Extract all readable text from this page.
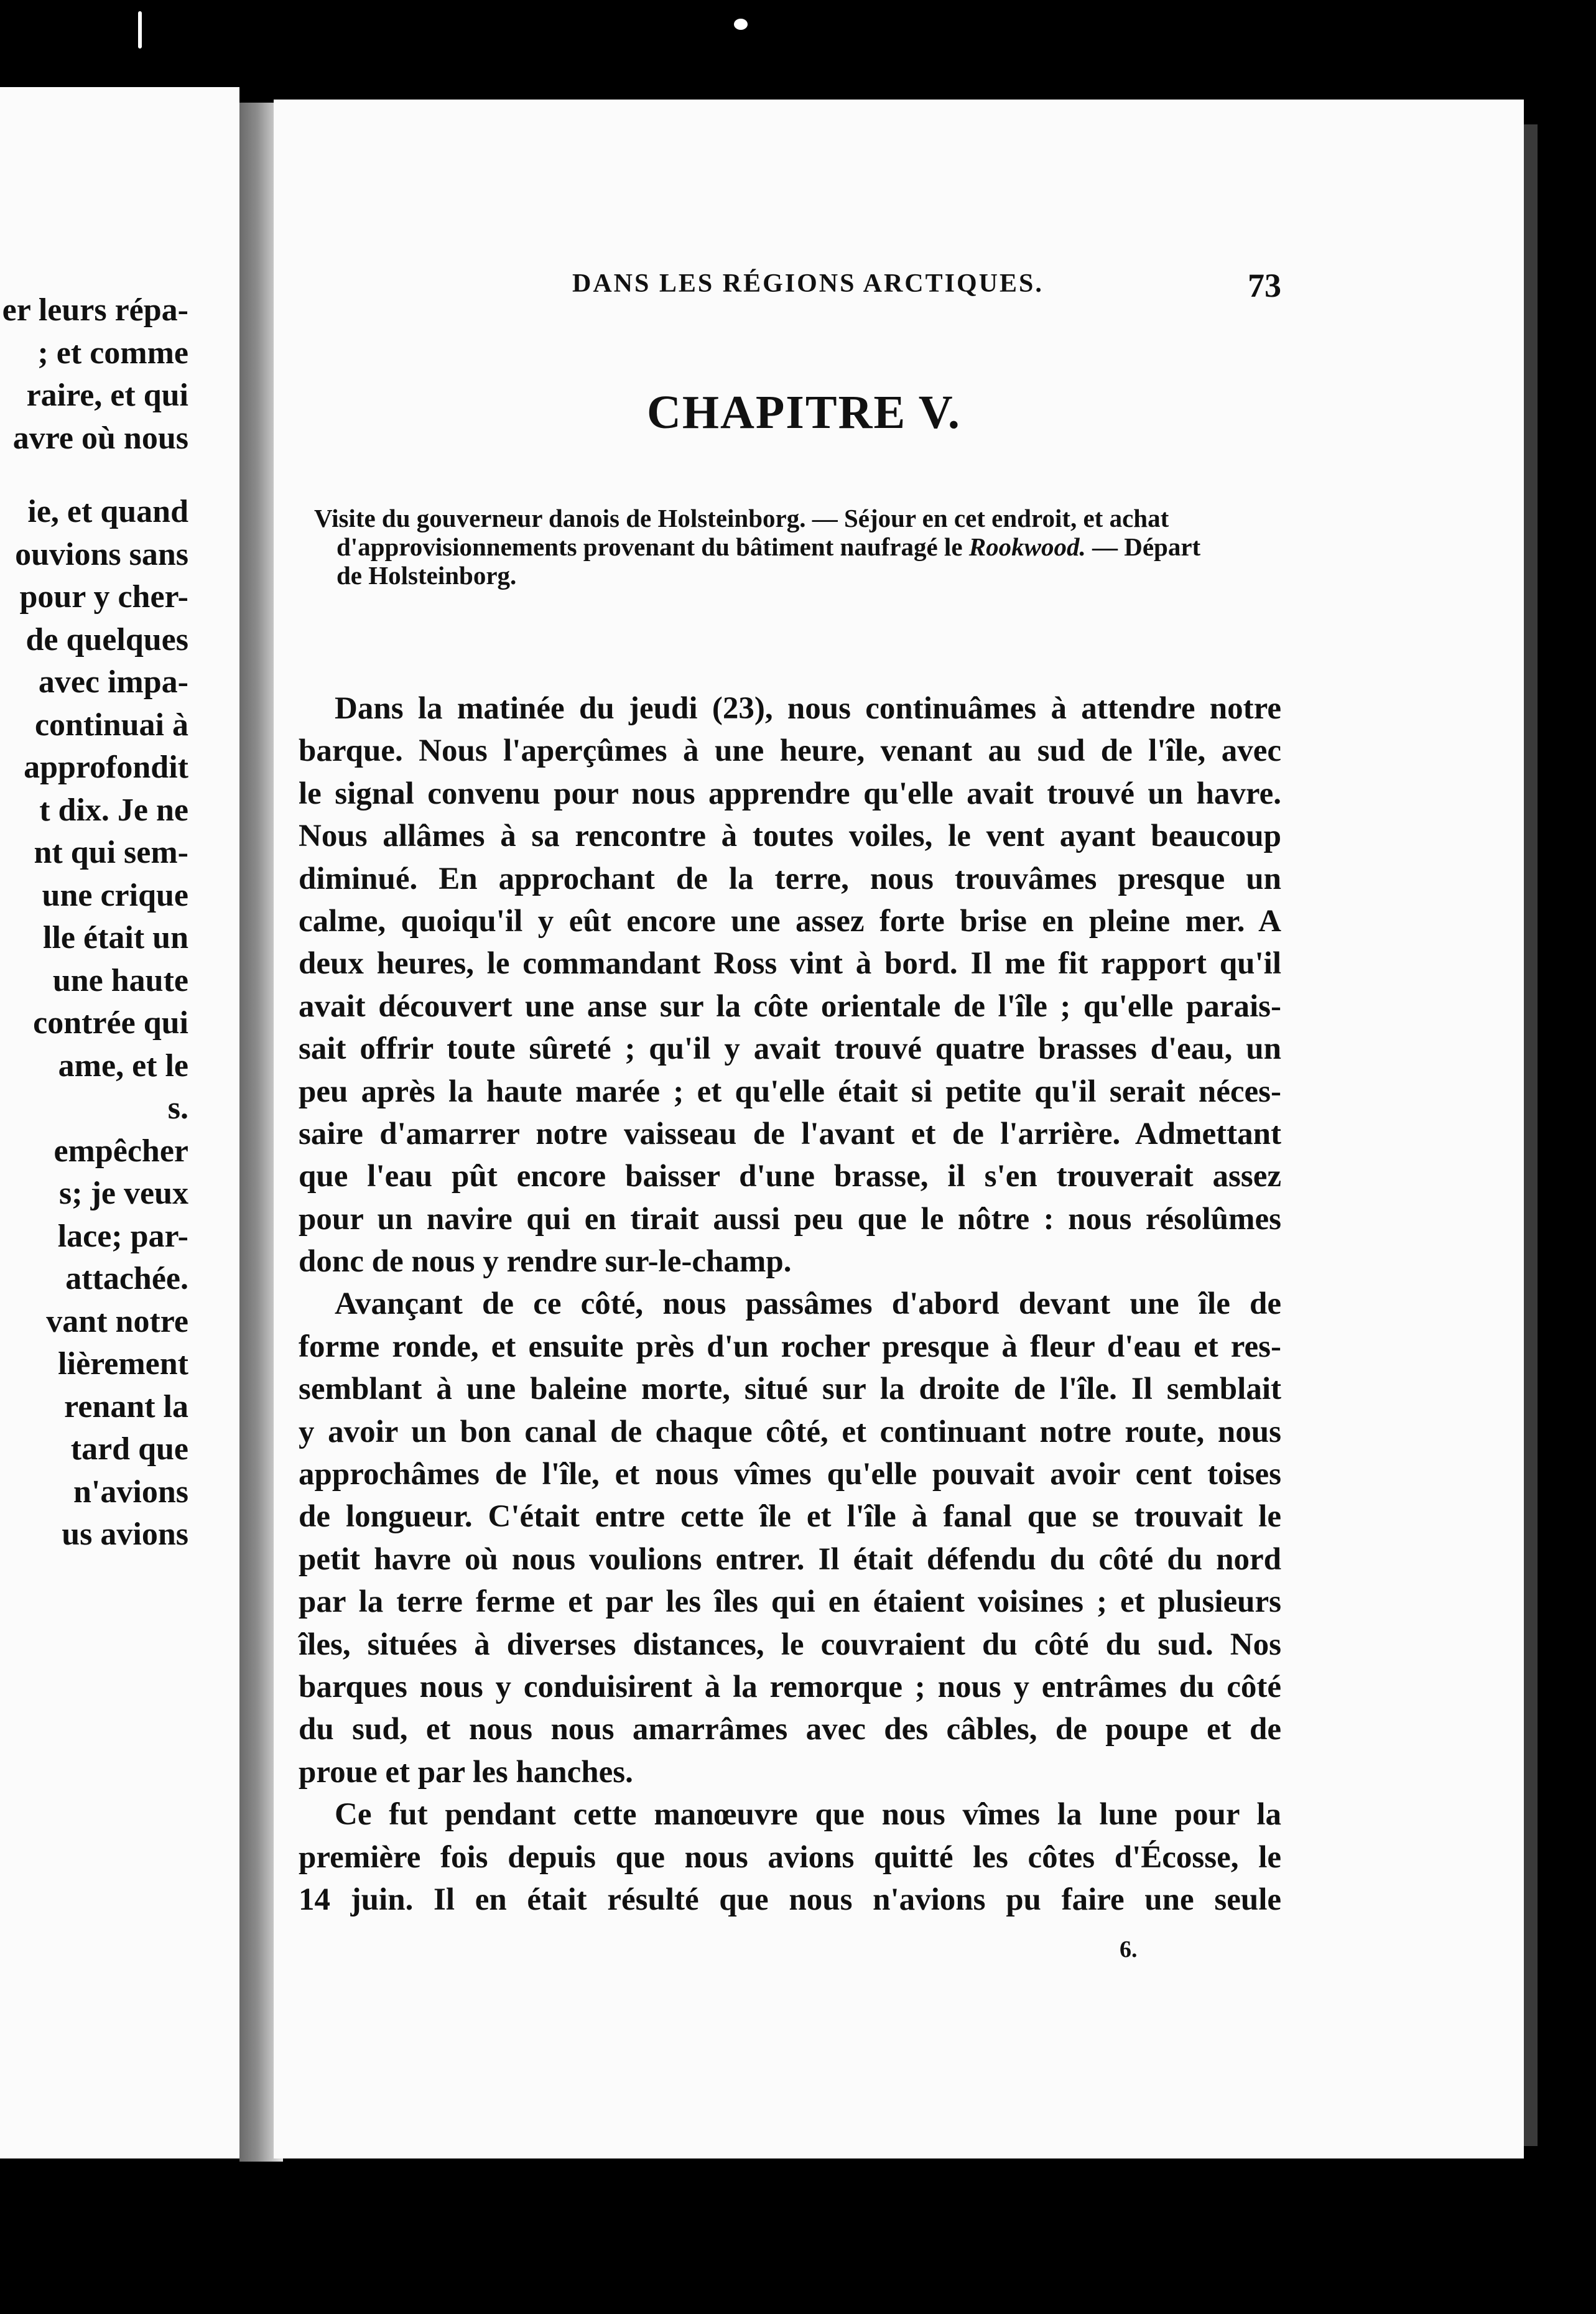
er leurs répa-
; et comme
raire, et qui
avre où nous
ie, et quand
ouvions sans
pour y cher-
de quelques
avec impa-
continuai à
approfondit
t dix. Je ne
nt qui sem-
une crique
lle était un
une haute
contrée qui
ame, et le
s.
empêcher
s; je veux
lace; par-
attachée.
vant notre
lièrement
renant la
tard que
n'avions
us avions
DANS LES RÉGIONS ARCTIQUES.	73
CHAPITRE V.
Visite du gouverneur danois de Holsteinborg. — Séjour en cet endroit, et achat
d'approvisionnements provenant du bâtiment naufragé le Rookwood. — Départ
de Holsteinborg.
Dans la matinée du jeudi (23), nous continuâmes à attendre notre
barque. Nous l'aperçûmes à une heure, venant au sud de l'île, avec
le signal convenu pour nous apprendre qu'elle avait trouvé un havre.
Nous allâmes à sa rencontre à toutes voiles, le vent ayant beaucoup
diminué. En approchant de la terre, nous trouvâmes presque un
calme, quoiqu'il y eût encore une assez forte brise en pleine mer. A
deux heures, le commandant Ross vint à bord. Il me fit rapport qu'il
avait découvert une anse sur la côte orientale de l'île ; qu'elle parais-
sait offrir toute sûreté ; qu'il y avait trouvé quatre brasses d'eau, un
peu après la haute marée ; et qu'elle était si petite qu'il serait néces-
saire d'amarrer notre vaisseau de l'avant et de l'arrière. Admettant
que l'eau pût encore baisser d'une brasse, il s'en trouverait assez
pour un navire qui en tirait aussi peu que le nôtre : nous résolûmes
donc de nous y rendre sur-le-champ.
Avançant de ce côté, nous passâmes d'abord devant une île de
forme ronde, et ensuite près d'un rocher presque à fleur d'eau et res-
semblant à une baleine morte, situé sur la droite de l'île. Il semblait
y avoir un bon canal de chaque côté, et continuant notre route, nous
approchâmes de l'île, et nous vîmes qu'elle pouvait avoir cent toises
de longueur. C'était entre cette île et l'île à fanal que se trouvait le
petit havre où nous voulions entrer. Il était défendu du côté du nord
par la terre ferme et par les îles qui en étaient voisines ; et plusieurs
îles, situées à diverses distances, le couvraient du côté du sud. Nos
barques nous y conduisirent à la remorque ; nous y entrâmes du côté
du sud, et nous nous amarrâmes avec des câbles, de poupe et de
proue et par les hanches.
Ce fut pendant cette manœuvre que nous vîmes la lune pour la
première fois depuis que nous avions quitté les côtes d'Écosse, le
14 juin. Il en était résulté que nous n'avions pu faire une seule
6.
